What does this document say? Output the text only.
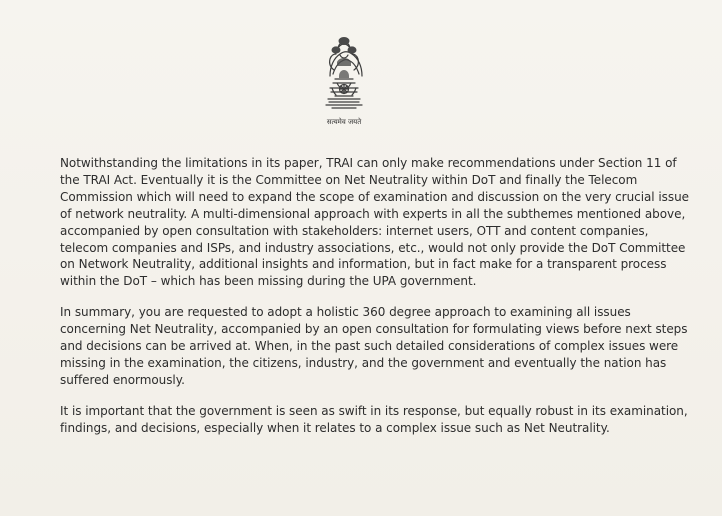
सत्यमेव जयते

Notwithstanding the limitations in its paper, TRAI can only make recommendations under Section 11 of the TRAI Act. Eventually it is the Committee on Net Neutrality within DoT and finally the Telecom Commission which will need to expand the scope of examination and discussion on the very crucial issue of network neutrality. A multi-dimensional approach with experts in all the subthemes mentioned above, accompanied by open consultation with stakeholders: internet users, OTT and content companies, telecom companies and ISPs, and industry associations, etc., would not only provide the DoT Committee on Network Neutrality, additional insights and information, but in fact make for a transparent process within the DoT – which has been missing during the UPA government.

In summary, you are requested to adopt a holistic 360 degree approach to examining all issues concerning Net Neutrality, accompanied by an open consultation for formulating views before next steps and decisions can be arrived at. When, in the past such detailed considerations of complex issues were missing in the examination, the citizens, industry, and the government and eventually the nation has suffered enormously.

It is important that the government is seen as swift in its response, but equally robust in its examination, findings, and decisions, especially when it relates to a complex issue such as Net Neutrality.
